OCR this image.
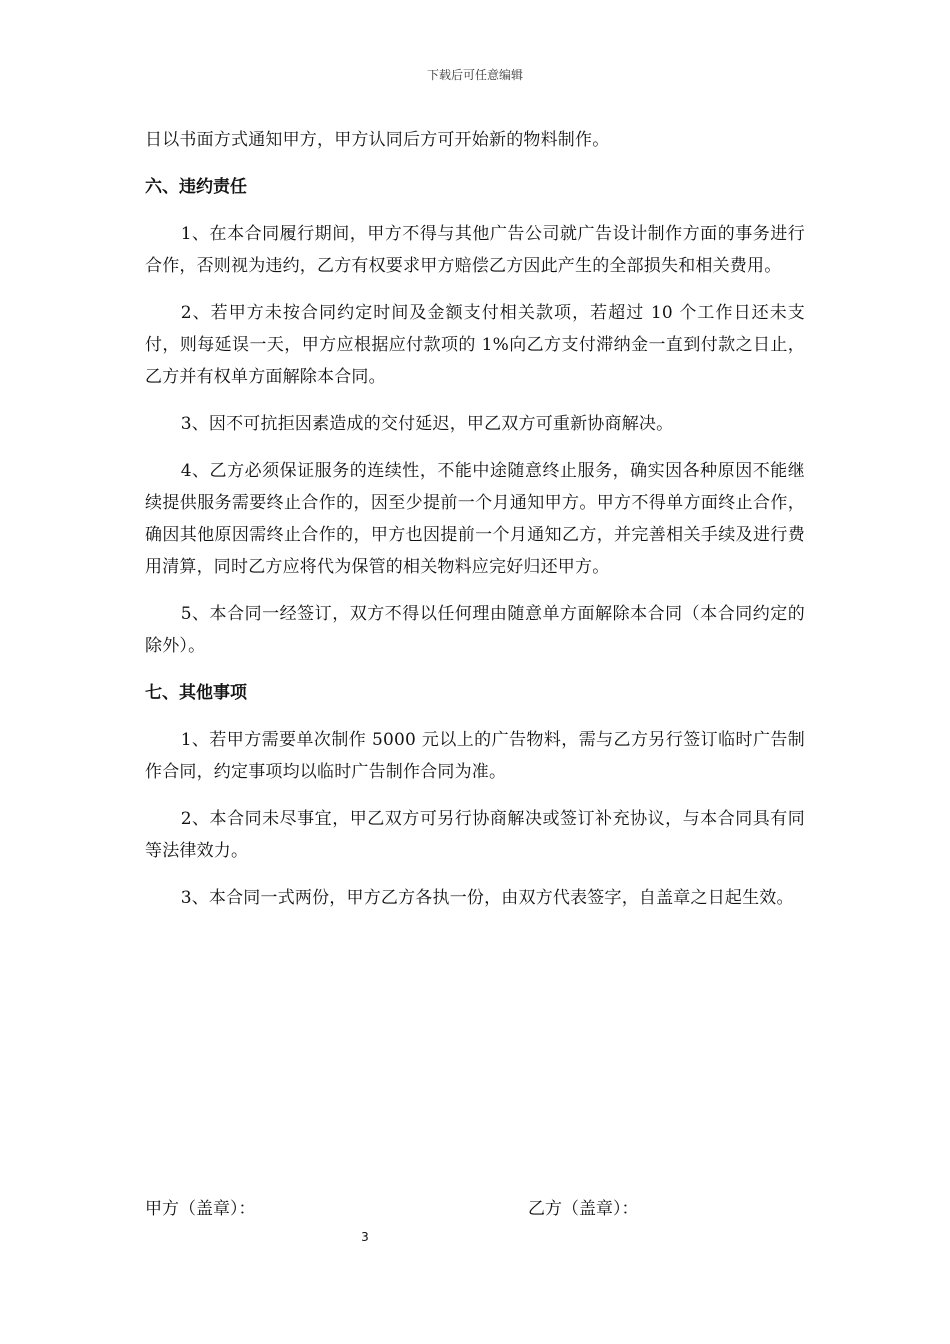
下载后可任意编辑

日以书面方式通知甲方，甲方认同后方可开始新的物料制作。

六、违约责任

1、在本合同履行期间，甲方不得与其他广告公司就广告设计制作方面的事务进行合作，否则视为违约，乙方有权要求甲方赔偿乙方因此产生的全部损失和相关费用。

2、若甲方未按合同约定时间及金额支付相关款项，若超过 10 个工作日还未支付，则每延误一天，甲方应根据应付款项的 1%向乙方支付滞纳金一直到付款之日止，乙方并有权单方面解除本合同。

3、因不可抗拒因素造成的交付延迟，甲乙双方可重新协商解决。

4、乙方必须保证服务的连续性，不能中途随意终止服务，确实因各种原因不能继续提供服务需要终止合作的，因至少提前一个月通知甲方。甲方不得单方面终止合作，确因其他原因需终止合作的，甲方也因提前一个月通知乙方，并完善相关手续及进行费用清算，同时乙方应将代为保管的相关物料应完好归还甲方。

5、本合同一经签订，双方不得以任何理由随意单方面解除本合同（本合同约定的除外）。

七、其他事项

1、若甲方需要单次制作 5000 元以上的广告物料，需与乙方另行签订临时广告制作合同，约定事项均以临时广告制作合同为准。

2、本合同未尽事宜，甲乙双方可另行协商解决或签订补充协议，与本合同具有同等法律效力。

3、本合同一式两份，甲方乙方各执一份，由双方代表签字，自盖章之日起生效。

甲方（盖章）：	乙方（盖章）：
3
